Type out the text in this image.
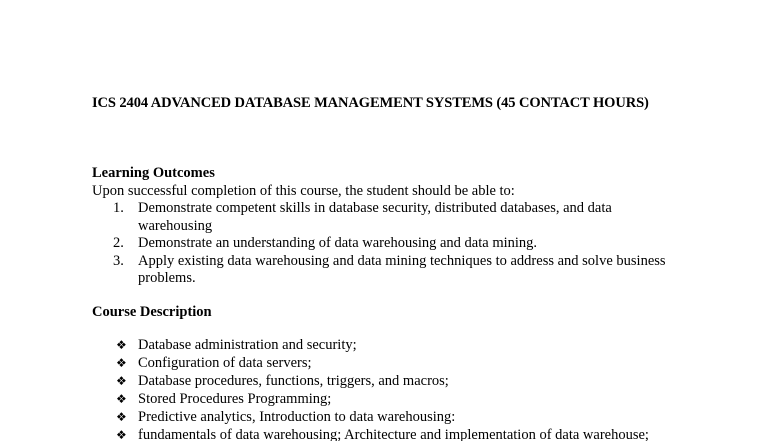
ICS 2404 ADVANCED DATABASE MANAGEMENT SYSTEMS (45 CONTACT HOURS)
Learning Outcomes
Upon successful completion of this course, the student should be able to:
1. Demonstrate competent skills in database security, distributed databases, and data warehousing
2. Demonstrate an understanding of data warehousing and data mining.
3. Apply existing data warehousing and data mining techniques to address and solve business problems.
Course Description
❖ Database administration and security;
❖ Configuration of data servers;
❖ Database procedures, functions, triggers, and macros;
❖ Stored Procedures Programming;
❖ Predictive analytics, Introduction to data warehousing:
❖ fundamentals of data warehousing; Architecture and implementation of data warehouse;
